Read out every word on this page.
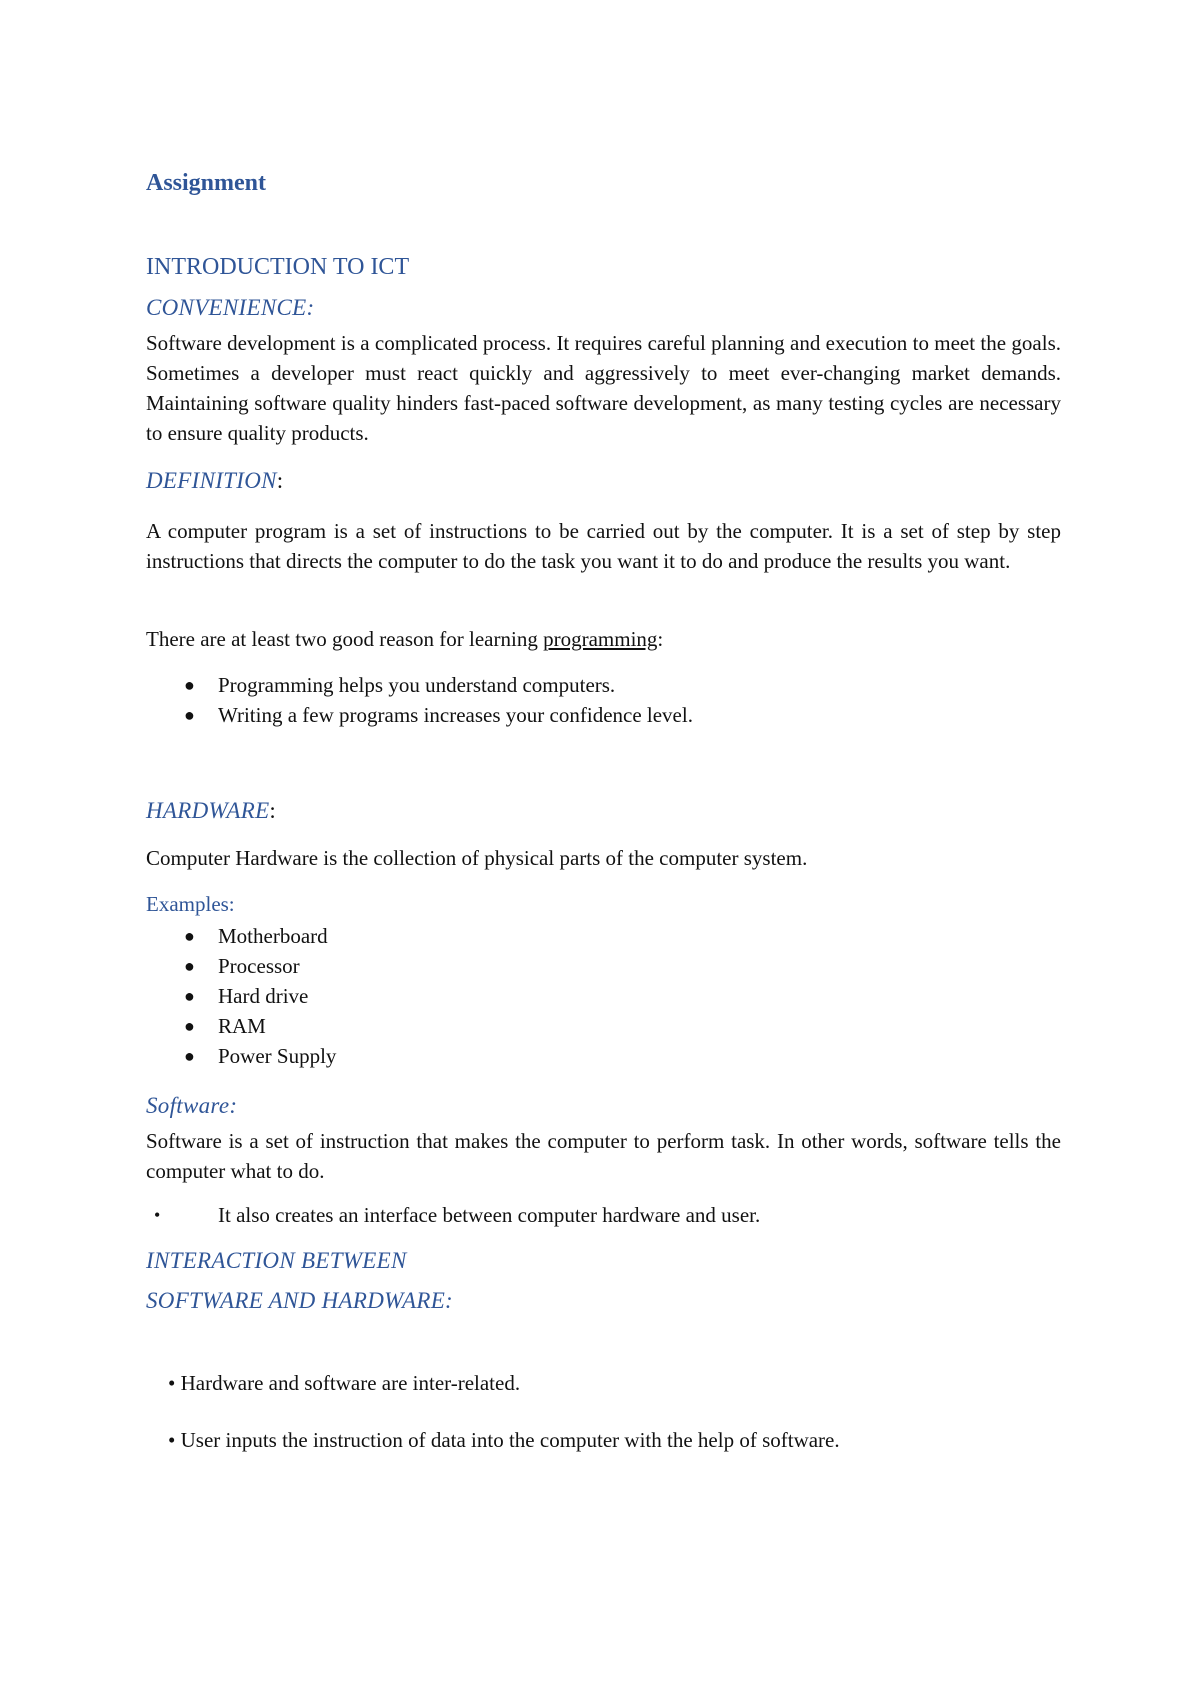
Assignment
INTRODUCTION TO ICT
CONVENIENCE:

Software development is a complicated process. It requires careful planning and execution to meet the goals. Sometimes a developer must react quickly and aggressively to meet ever-changing market demands. Maintaining software quality hinders fast-paced software development, as many testing cycles are necessary to ensure quality products.

DEFINITION:

A computer program is a set of instructions to be carried out by the computer. It is a set of step by step instructions that directs the computer to do the task you want it to do and produce the results you want.

There are at least two good reason for learning programming:

● Programming helps you understand computers.
● Writing a few programs increases your confidence level.
HARDWARE:

Computer Hardware is the collection of physical parts of the computer system.

Examples:

● Motherboard
● Processor
● Hard drive
● RAM
● Power Supply
Software:

Software is a set of instruction that makes the computer to perform task. In other words, software tells the computer what to do.

•	It also creates an interface between computer hardware and user.
INTERACTION BETWEEN
SOFTWARE AND HARDWARE:
• Hardware and software are inter-related.
• User inputs the instruction of data into the computer with the help of software.
